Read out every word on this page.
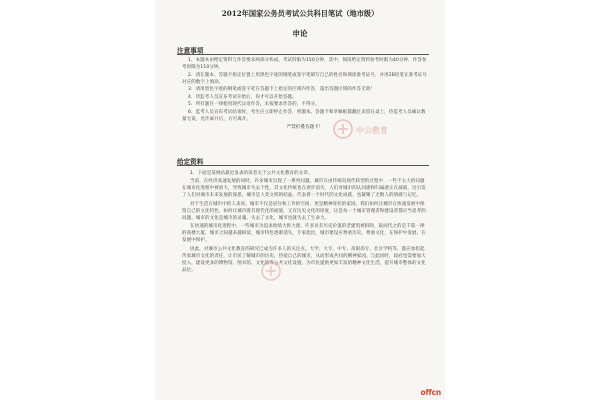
2012年国家公务员考试公共科目笔试（地市级）
申论
注意事项

1．本题本由给定资料与作答要求两部分构成。考试时限为150分钟，其中，阅读给定资料参考时限为40分钟，作答参考时限为110分钟。

2．请在题本、答题卡指定位置上用黑色字迹的钢笔或签字笔填写自己的姓名和填涂准考证号，并用2B铅笔在准考证号对应的数字上填涂。

3．请用黑色字迹的钢笔或签字笔在答题卡上指定的区域内作答，超出答题区域的作答无效！

4．待监考人员宣布考试开始后，你才可以开始答题。

5．所有题目一律使用现代汉语作答，未按要求作答的，不得分。

6．监考人员宣布考试结束时，考生应立即停止作答，将题本、答题卡和草稿纸都翻过来留在桌上，待监考人员确认数量无误，允许离开后，方可离开。

严禁折叠答题卡！	中公教育
给定资料

1．下面是某网站最近发表的读者关于公共文化教育的文章。

当前，在经济高速发展的同时，许多城市出现了一系列问题。城市在由传统向现代转型的过程中，一些不太大的问题在城市化进程中被放大，导致城市失去个性，其文化传统也在逐步消失，人们对城市的认同感和归属感正在减弱，这引发了人们对城市未来发展的深思。城市是人类文明的结晶，代表着一个时代的文化成就，也凝聚了无数人的情感与记忆。

对于生活在城市中的人来说，城市不仅是居住和工作的空间，更是精神寄托的家园。我们如何让城市在快速发展中保留自己的文化特色，如何让城市既有现代化的面貌，又有历史文化的厚度，这是每一个城市管理者和建设者都应当思考的问题。城市的文化是城市的灵魂，失去了文化，城市也就失去了生命力。

在快速的城市化进程中，一些城市为追求政绩大拆大建，许多具有历史价值的老建筑被拆除，取而代之的是千篇一律的高楼大厦，城市之间越来越相似，城市特色逐渐消失。专家指出，城市建设应尊重历史、尊重文化，在保护中发展，在发展中保护。

因此，对城市公共文化教育的研究已成为许多人的关注点。大学、大专、中专、高职高专、社区学校等，都应承担起传承城市文化的责任，让市民了解城市的历史，热爱自己的城市，从而形成共同的精神家园。与此同时，政府也需要加大投入，建设更多的博物馆、图书馆、文化馆等公共文化设施，为市民提供更加丰富的精神文化生活，提升城市整体的文化品位。

offcn
